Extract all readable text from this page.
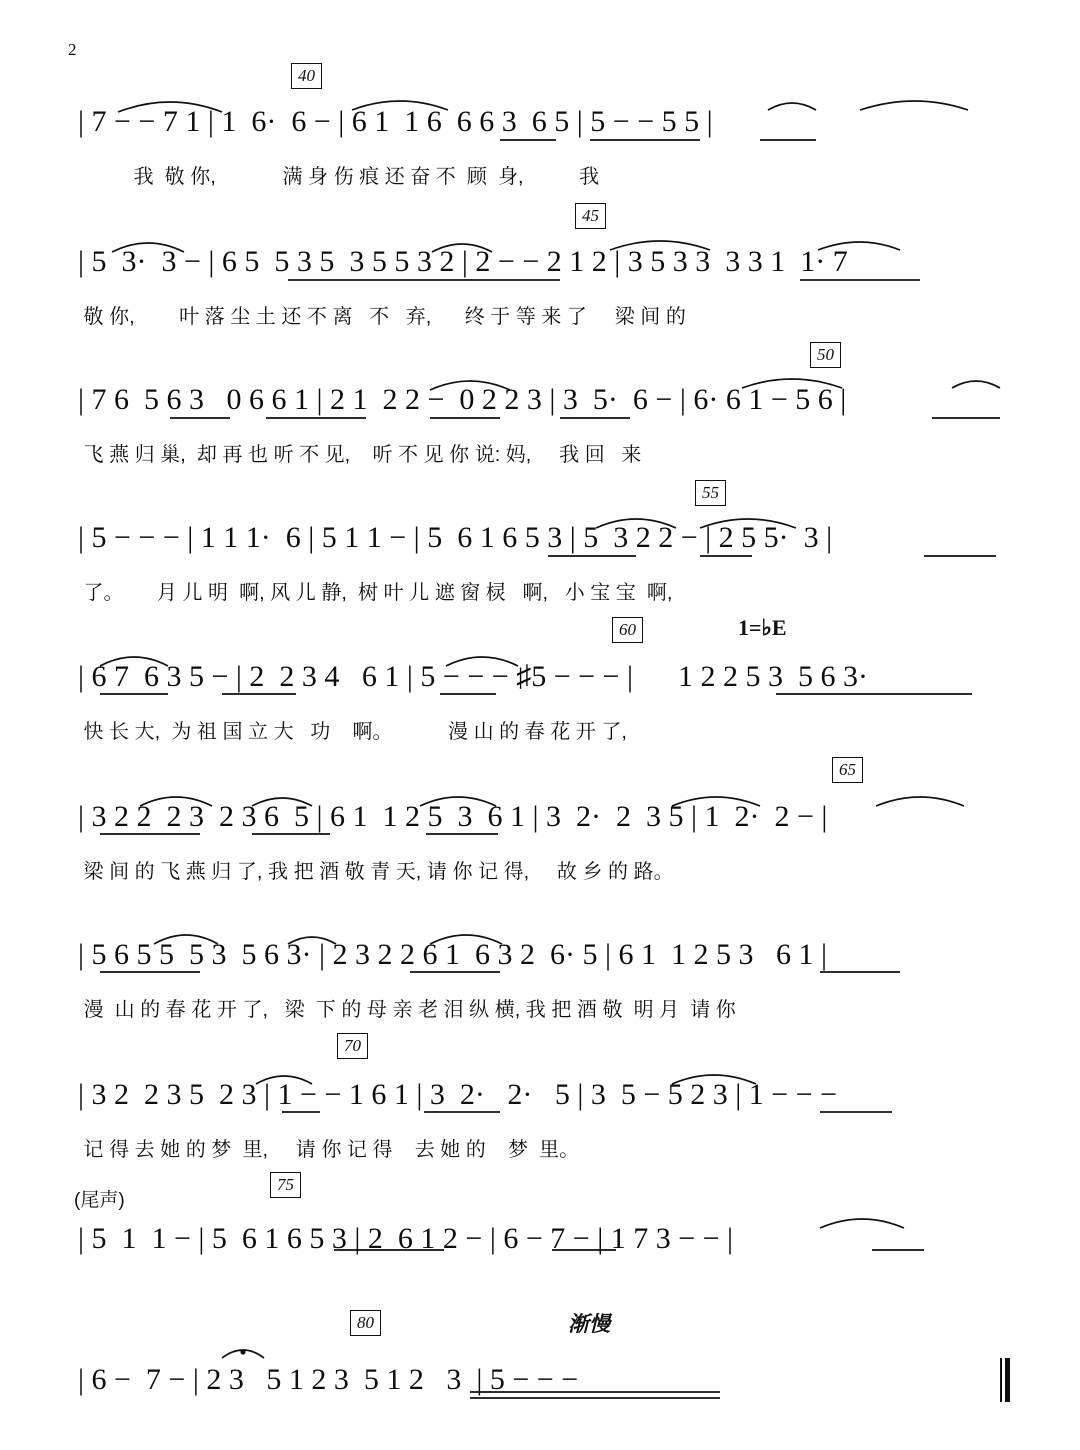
2
40
45
50
55
60
65
70
75
80
1=♭E
渐慢
(尾声)
| 7 − − 7 1 | 1  6·  6 − | 6 1  1 6  6 6 3  6 5 | 5 − − 5 5 |
我  敬 你,            满 身 伤 痕 还 奋 不  顾  身,          我
| 5  3·  3 − | 6 5  5 3 5  3 5 5 3 2 | 2 − − 2 1 2 | 3 5 3 3  3 3 1  1· 7
敬 你,        叶 落 尘 土 还 不 离   不   弃,      终 于 等 来 了     梁 间 的
| 7 6  5 6 3   0 6 6 1 | 2 1  2 2 −  0 2 2 3 | 3  5·  6 − | 6· 6 1 − 5 6 |
飞 燕 归 巢,  却 再 也 听 不 见,    听 不 见 你 说: 妈,     我 回   来
| 5 − − − | 1 1 1·  6 | 5 1 1 − | 5  6 1 6 5 3 | 5  3 2 2 − | 2 5 5·  3 |
了。      月 儿 明  啊, 风 儿 静,  树 叶 儿 遮 窗 棂   啊,   小 宝 宝  啊,
| 6 7  6 3 5 − | 2  2 3 4   6 1 | 5 − − − ♯5 − − − |      1 2 2 5 3  5 6 3·
快 长 大,  为 祖 国 立 大   功    啊。          漫 山 的 春 花 开 了,
| 3 2 2  2 3  2 3 6  5 | 6 1  1 2 5  3  6 1 | 3  2·  2  3 5 | 1  2·  2 − |
梁 间 的 飞 燕 归 了, 我 把 酒 敬 青 天, 请 你 记 得,     故 乡 的 路。
| 5 6 5 5  5 3  5 6 3· | 2 3 2 2 6 1  6 3 2  6· 5 | 6 1  1 2 5 3   6 1 |
漫  山 的 春 花 开 了,   梁  下 的 母 亲 老 泪 纵 横, 我 把 酒 敬  明 月  请 你
| 3 2  2 3 5  2 3 | 1 − − 1 6 1 | 3  2·   2·   5 | 3  5 − 5 2 3 | 1 − − −
记 得 去 她 的 梦  里,     请 你 记 得    去 她 的    梦  里。
| 5  1  1 − | 5  6 1 6 5 3 | 2  6 1 2 − | 6 − 7 − | 1 7 3 − − |
| 6 −  7 − | 2 3   5 1 2 3  5 1 2   3  | 5 − − −
